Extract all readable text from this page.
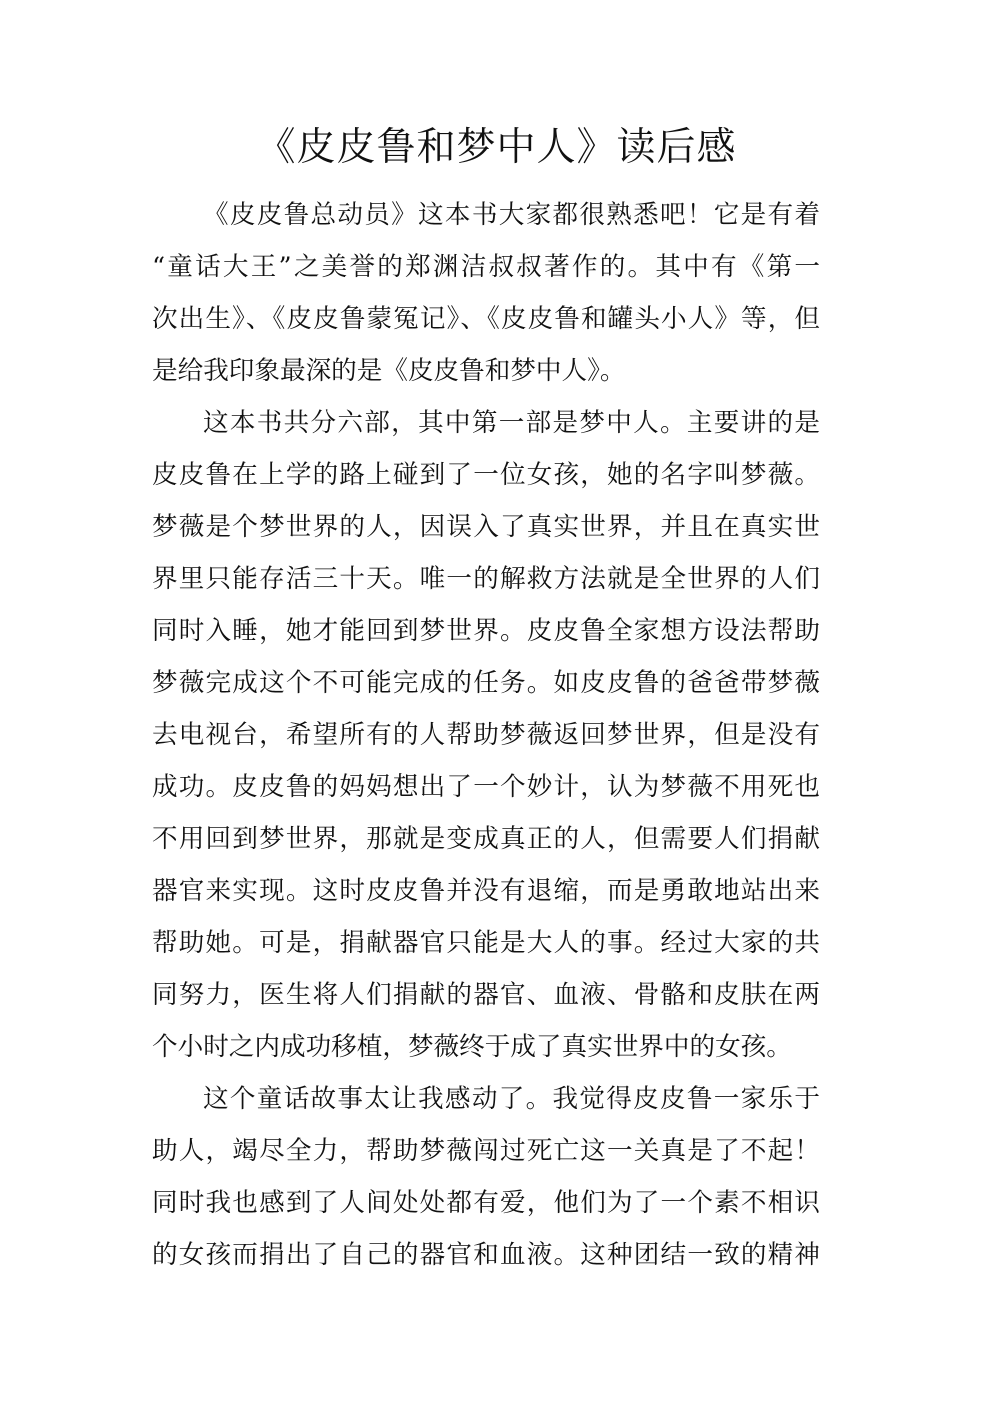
《皮皮鲁和梦中人》读后感
《皮皮鲁总动员》这本书大家都很熟悉吧！它是有着
“童话大王”之美誉的郑渊洁叔叔著作的。其中有《第一
次出生》、《皮皮鲁蒙冤记》、《皮皮鲁和罐头小人》等，但
是给我印象最深的是《皮皮鲁和梦中人》。
这本书共分六部，其中第一部是梦中人。主要讲的是
皮皮鲁在上学的路上碰到了一位女孩，她的名字叫梦薇。
梦薇是个梦世界的人，因误入了真实世界，并且在真实世
界里只能存活三十天。唯一的解救方法就是全世界的人们
同时入睡，她才能回到梦世界。皮皮鲁全家想方设法帮助
梦薇完成这个不可能完成的任务。如皮皮鲁的爸爸带梦薇
去电视台，希望所有的人帮助梦薇返回梦世界，但是没有
成功。皮皮鲁的妈妈想出了一个妙计，认为梦薇不用死也
不用回到梦世界，那就是变成真正的人，但需要人们捐献
器官来实现。这时皮皮鲁并没有退缩，而是勇敢地站出来
帮助她。可是，捐献器官只能是大人的事。经过大家的共
同努力，医生将人们捐献的器官、血液、骨骼和皮肤在两
个小时之内成功移植，梦薇终于成了真实世界中的女孩。
这个童话故事太让我感动了。我觉得皮皮鲁一家乐于
助人，竭尽全力，帮助梦薇闯过死亡这一关真是了不起！
同时我也感到了人间处处都有爱，他们为了一个素不相识
的女孩而捐出了自己的器官和血液。这种团结一致的精神
